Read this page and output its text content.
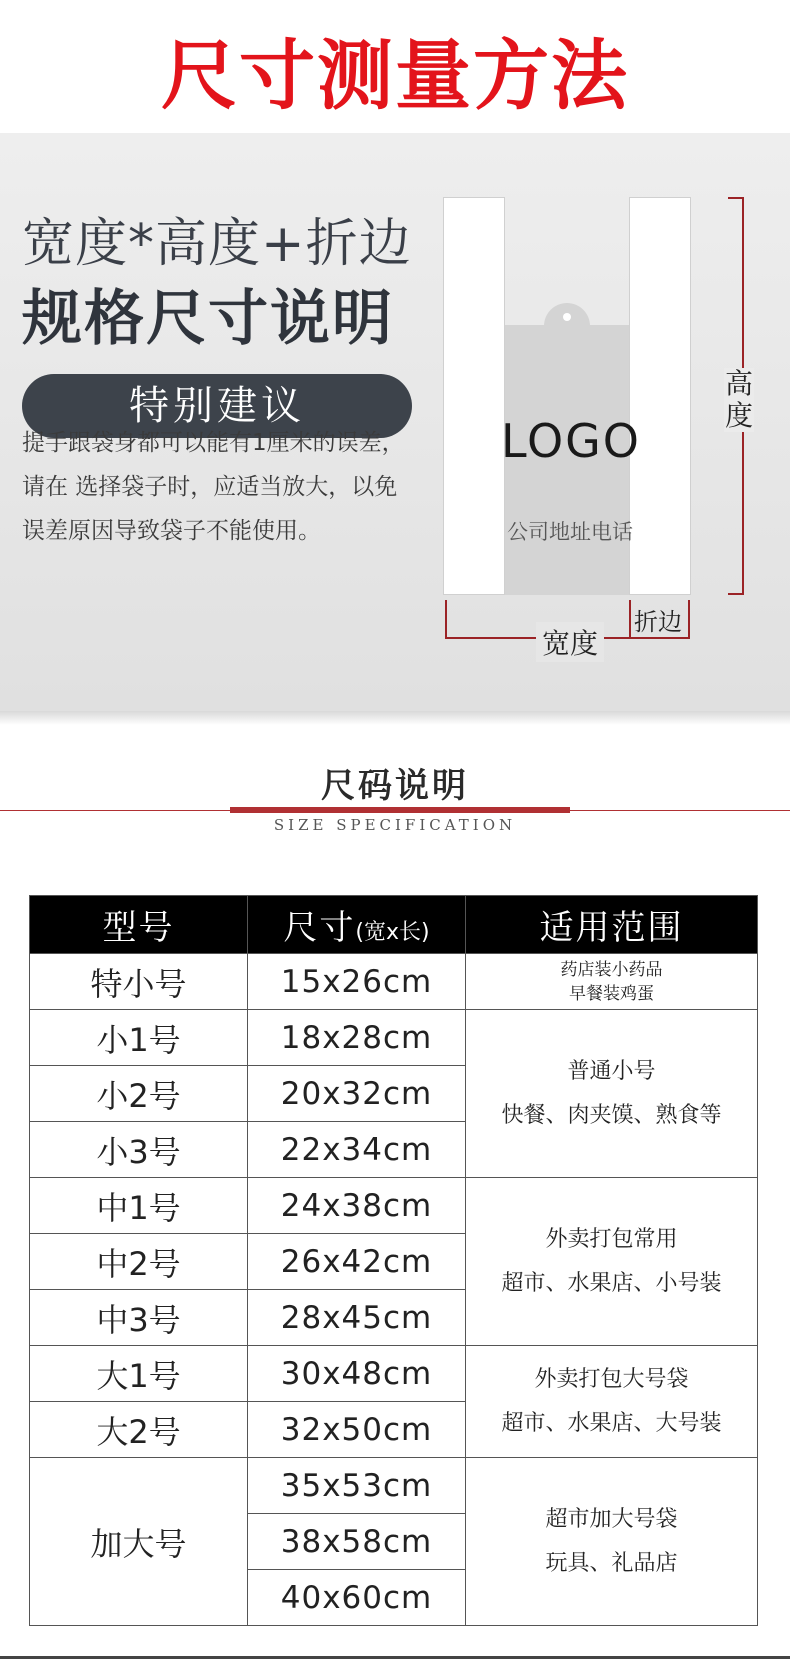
尺寸测量方法
宽度*高度+折边
规格尺寸说明
特别建议
提手跟袋身都可以能有1厘米的误差，
请在 选择袋子时，应适当放大，以免
误差原因导致袋子不能使用。
LOGO
公司地址电话
高度
宽度
折边
尺码说明
SIZE SPECIFICATION
型号	尺寸(宽x长)	适用范围
特小号	15x26cm	药店装小药品
早餐装鸡蛋

小1号	18x28cm	普通小号
快餐、肉夹馍、熟食等

小2号	20x32cm	
小3号	22x34cm	
中1号	24x38cm	外卖打包常用
超市、水果店、小号装

中2号	26x42cm	
中3号	28x45cm	
大1号	30x48cm	外卖打包大号袋
超市、水果店、大号装

大2号	32x50cm	
加大号	35x53cm	超市加大号袋
玩具、礼品店

	38x58cm	
	40x60cm	
